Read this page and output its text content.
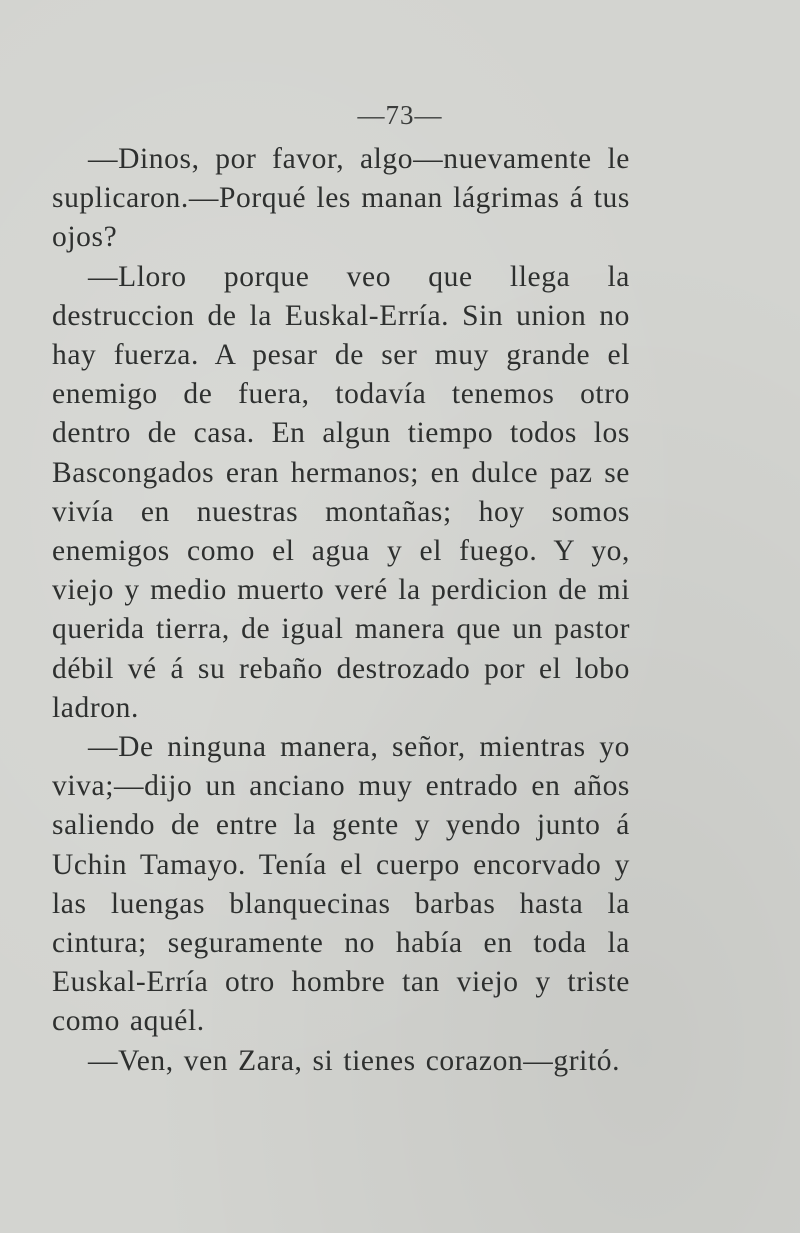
—73—

—Dinos, por favor, algo—nuevamente le suplicaron.—Porqué les manan lágrimas á tus ojos?

—Lloro porque veo que llega la destruccion de la Euskal-Erría. Sin union no hay fuerza. A pesar de ser muy grande el enemigo de fuera, todavía tenemos otro dentro de casa. En algun tiempo todos los Bascongados eran hermanos; en dulce paz se vivía en nuestras montañas; hoy somos enemigos como el agua y el fuego. Y yo, viejo y medio muerto veré la perdicion de mi querida tierra, de igual manera que un pastor débil vé á su rebaño destrozado por el lobo ladron.

—De ninguna manera, señor, mientras yo viva;—dijo un anciano muy entrado en años saliendo de entre la gente y yendo junto á Uchin Tamayo. Tenía el cuerpo encorvado y las luengas blanquecinas barbas hasta la cintura; seguramente no había en toda la Euskal-Erría otro hombre tan viejo y triste como aquél.

—Ven, ven Zara, si tienes corazon—gritó.
